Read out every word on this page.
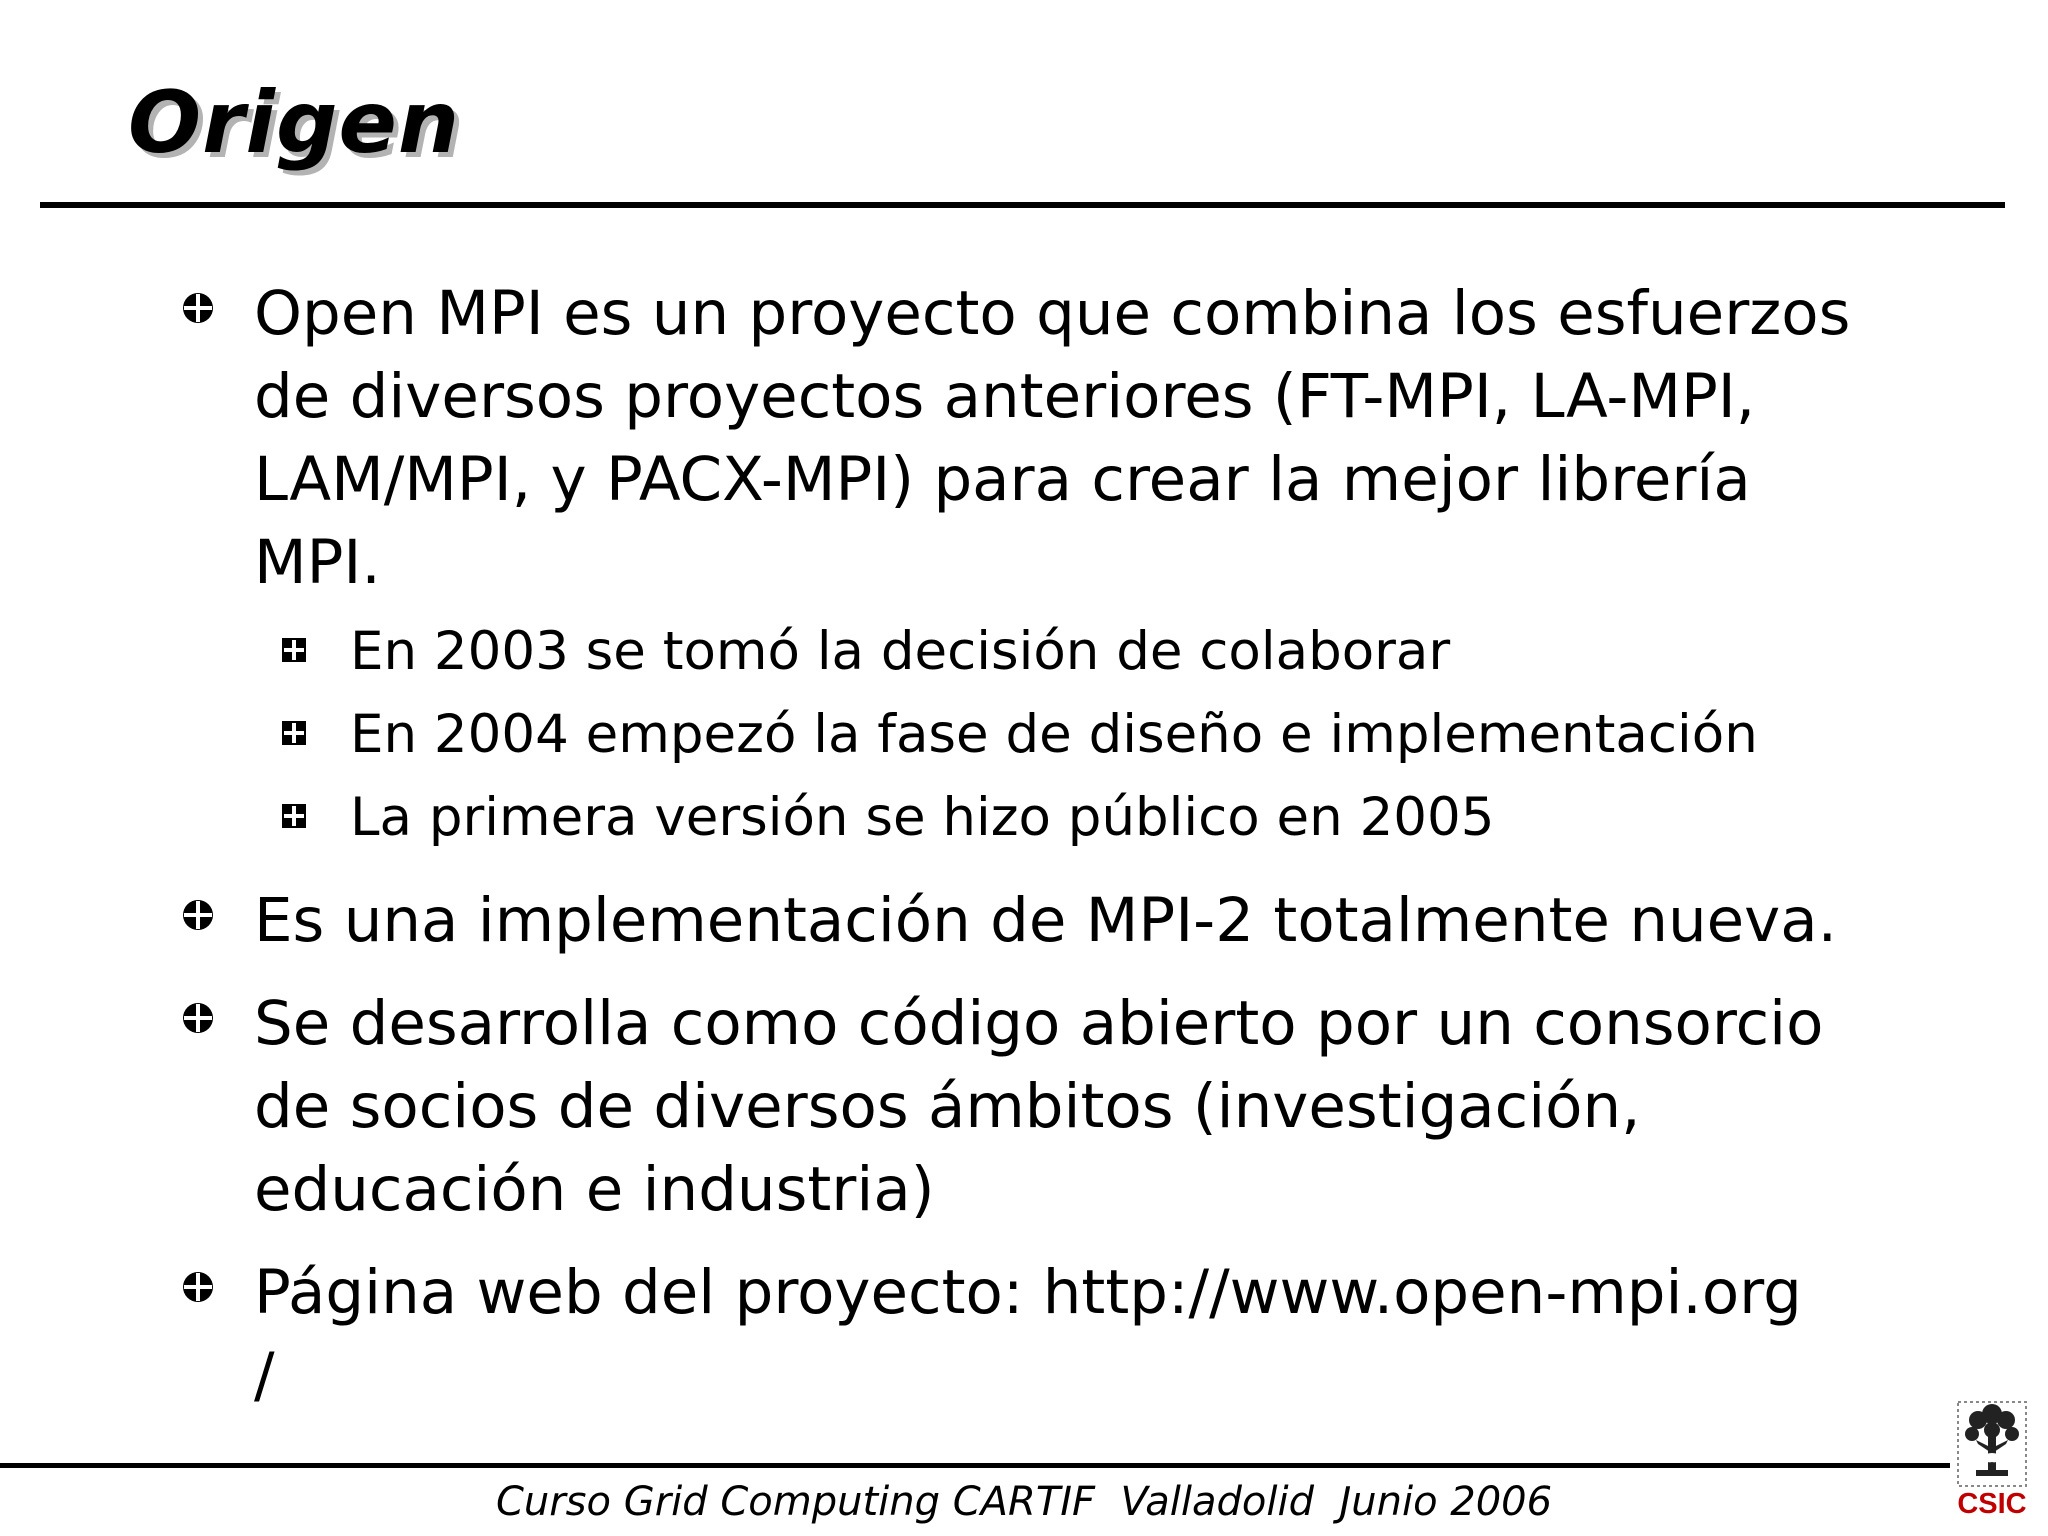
Origen
Open MPI es un proyecto que combina los esfuerzos
de diversos proyectos anteriores (FT-MPI, LA-MPI,
LAM/MPI, y PACX-MPI) para crear la mejor librería
MPI.
En 2003 se tomó la decisión de colaborar
En 2004 empezó la fase de diseño e implementación
La primera versión se hizo público en 2005
Es una implementación de MPI-2 totalmente nueva.
Se desarrolla como código abierto por un consorcio
de socios de diversos ámbitos (investigación,
educación e industria)
Página web del proyecto: http://www.open-mpi.org
/
Curso Grid Computing CARTIF  Valladolid  Junio 2006	CSIC
